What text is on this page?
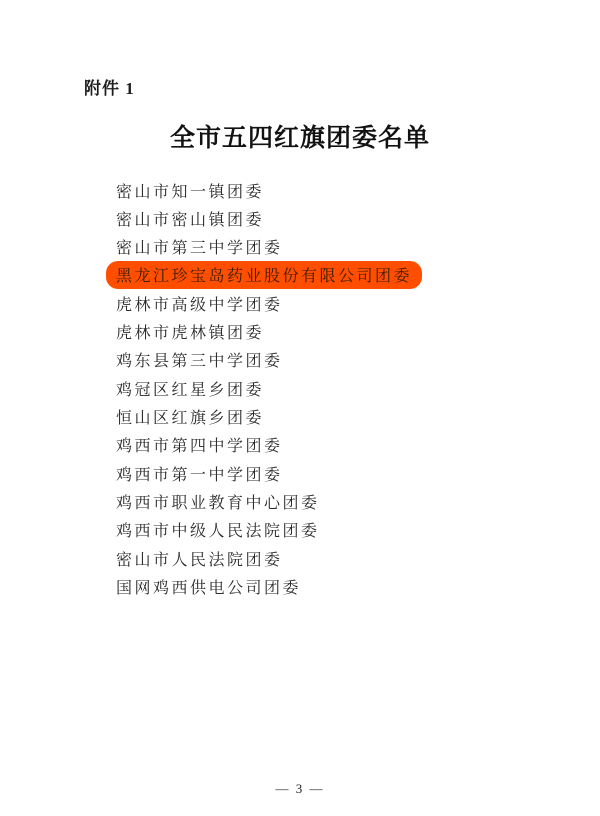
附件 1
全市五四红旗团委名单
密山市知一镇团委
密山市密山镇团委
密山市第三中学团委
黑龙江珍宝岛药业股份有限公司团委
虎林市高级中学团委
虎林市虎林镇团委
鸡东县第三中学团委
鸡冠区红星乡团委
恒山区红旗乡团委
鸡西市第四中学团委
鸡西市第一中学团委
鸡西市职业教育中心团委
鸡西市中级人民法院团委
密山市人民法院团委
国网鸡西供电公司团委
— 3 —
